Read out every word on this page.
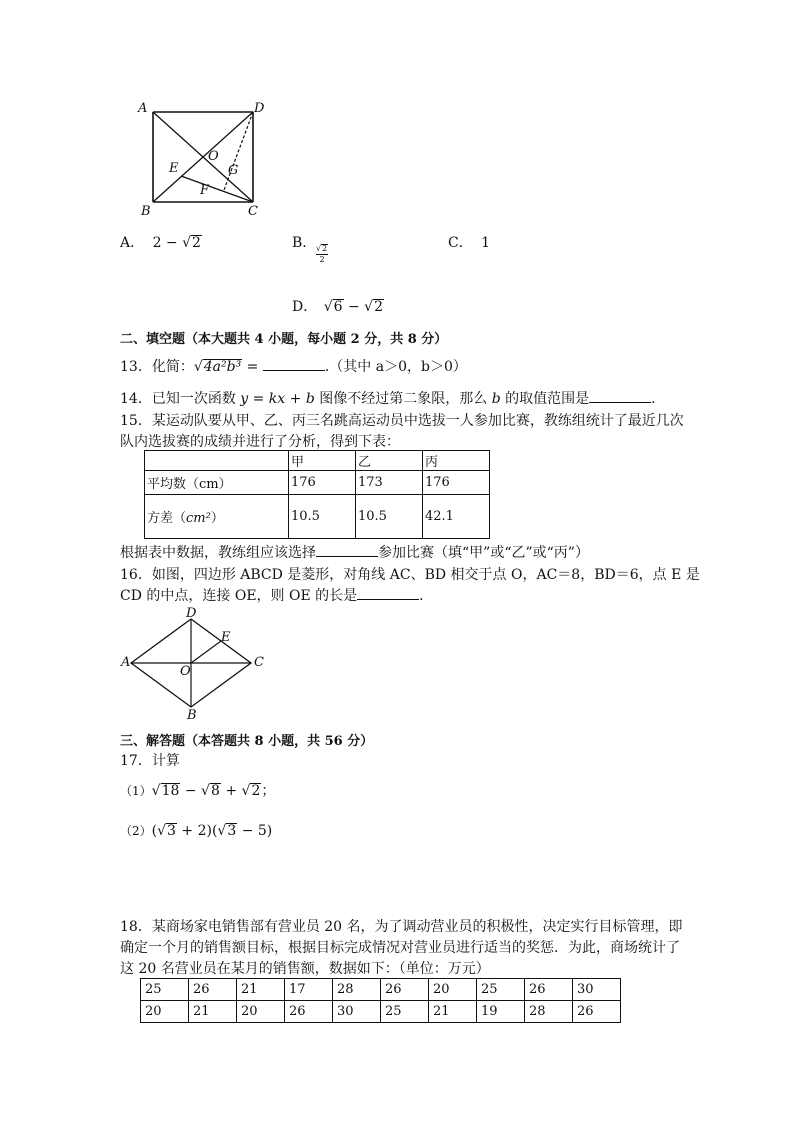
A	D
E
O
G
F
B	C
A． 2 − √2	B． √2
2
C． 1
D． √6 − √2
二、填空题（本大题共 4 小题，每小题 2 分，共 8 分）
13．化简：√4a²b³ =	.（其中 a＞0，b＞0）
14．已知一次函数 y = kx + b 图像不经过第二象限，那么 b 的取值范围是	.
15．某运动队要从甲、乙、丙三名跳高运动员中选拔一人参加比赛，教练组统计了最近几次
队内选拔赛的成绩并进行了分析，得到下表：
	甲	乙	丙
平均数（cm）	176	173	176
方差（cm²）	10.5	10.5	42.1
根据表中数据，教练组应该选择	参加比赛（填“甲”或“乙”或“丙”）
16．如图，四边形 ABCD 是菱形，对角线 AC、BD 相交于点 O，AC＝8，BD＝6，点 E 是
CD 的中点，连接 OE，则 OE 的长是	.
D
E
A
O
C
B
三、解答题（本答题共 8 小题，共 56 分）
17．计算
（1）√18 − √8 + √2；
（2）(√3 + 2)(√3 − 5)
18．某商场家电销售部有营业员 20 名，为了调动营业员的积极性，决定实行目标管理，即
确定一个月的销售额目标，根据目标完成情况对营业员进行适当的奖惩．为此，商场统计了
这 20 名营业员在某月的销售额，数据如下：（单位：万元）
25	26	21	17	28	26	20	25	26	30
20	21	20	26	30	25	21	19	28	26
